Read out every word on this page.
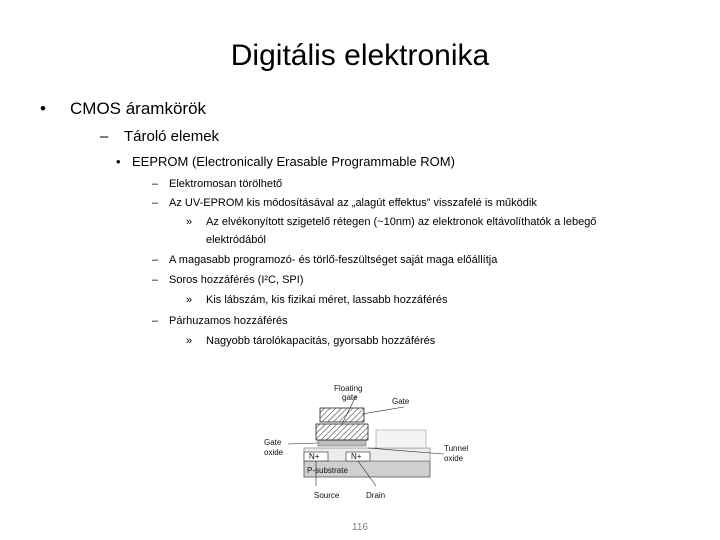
Digitális elektronika
• CMOS áramkörök
– Tároló elemek
• EEPROM (Electronically Erasable Programmable ROM)
– Elektromosan törölhető
– Az UV-EPROM kis módosításával az „alagút effektus” visszafelé is működik
» Az elvékonyított szigetelő rétegen (~10nm) az elektronok eltávolíthatók a lebegő
elektródából
– A magasabb programozó- és törlő-feszültséget saját maga előállítja
– Soros hozzáférés (I²C, SPI)
» Kis lábszám, kis fizikai méret, lassabb hozzáférés
– Párhuzamos hozzáférés
» Nagyobb tárolókapacitás, gyorsabb hozzáférés
Floating
gate	Gate
Gate
oxide	Tunnel
oxide
N+	N+
P-substrate
Source	Drain
116
